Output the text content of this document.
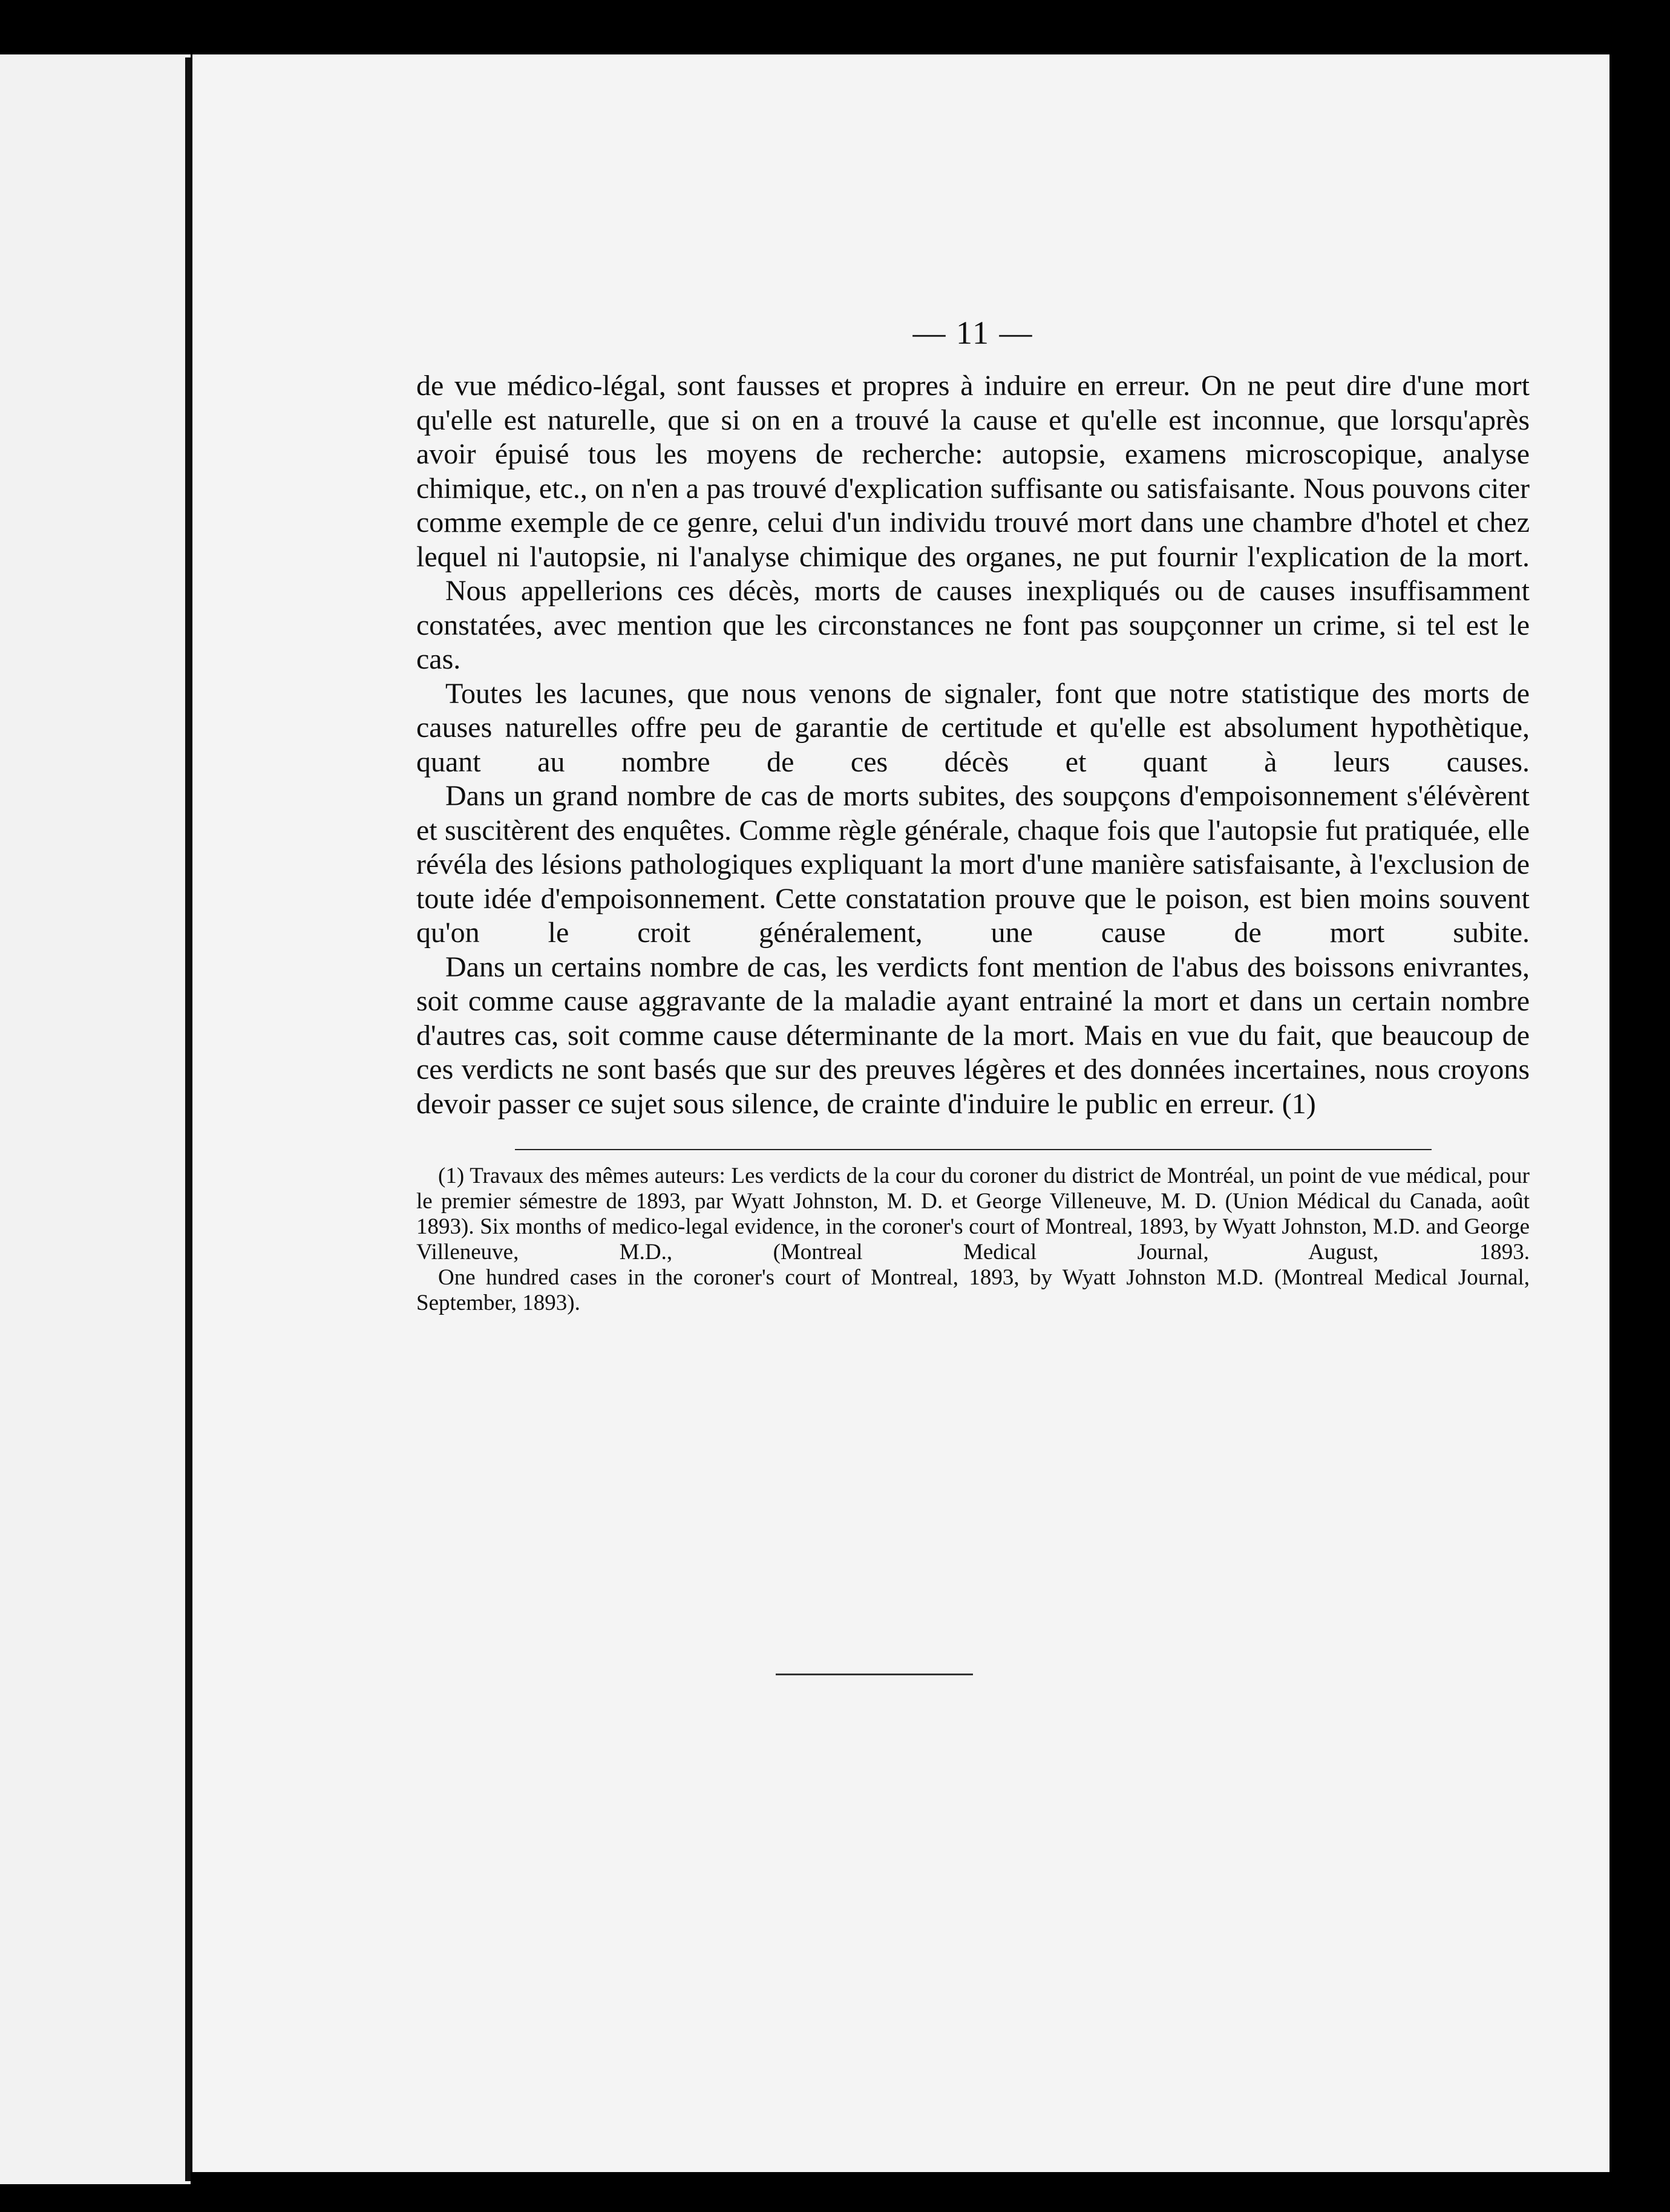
— 11 —

de vue médico-légal, sont fausses et propres à induire en erreur. On ne peut dire d'une mort qu'elle est naturelle, que si on en a trouvé la cause et qu'elle est inconnue, que lorsqu'après avoir épuisé tous les moyens de recherche: autopsie, examens microscopique, analyse chimique, etc., on n'en a pas trouvé d'explication suffisante ou satisfaisante. Nous pouvons citer comme exemple de ce genre, celui d'un individu trouvé mort dans une chambre d'hotel et chez lequel ni l'autopsie, ni l'analyse chimique des organes, ne put fournir l'explication de la mort.

Nous appellerions ces décès, morts de causes inexpliqués ou de causes insuffisamment constatées, avec mention que les circonstances ne font pas soupçonner un crime, si tel est le cas.

Toutes les lacunes, que nous venons de signaler, font que notre statistique des morts de causes naturelles offre peu de garantie de certitude et qu'elle est absolument hypothètique, quant au nombre de ces décès et quant à leurs causes.

Dans un grand nombre de cas de morts subites, des soupçons d'empoisonnement s'élévèrent et suscitèrent des enquêtes. Comme règle générale, chaque fois que l'autopsie fut pratiquée, elle révéla des lésions pathologiques expliquant la mort d'une manière satisfaisante, à l'exclusion de toute idée d'empoisonnement. Cette constatation prouve que le poison, est bien moins souvent qu'on le croit généralement, une cause de mort subite.

Dans un certains nombre de cas, les verdicts font mention de l'abus des boissons enivrantes, soit comme cause aggravante de la maladie ayant entrainé la mort et dans un certain nombre d'autres cas, soit comme cause déterminante de la mort. Mais en vue du fait, que beaucoup de ces verdicts ne sont basés que sur des preuves légères et des données incertaines, nous croyons devoir passer ce sujet sous silence, de crainte d'induire le public en erreur. (1)

(1) Travaux des mêmes auteurs: Les verdicts de la cour du coroner du district de Montréal, un point de vue médical, pour le premier sémestre de 1893, par Wyatt Johnston, M. D. et George Villeneuve, M. D. (Union Médical du Canada, août 1893). Six months of medico-legal evidence, in the coroner's court of Montreal, 1893, by Wyatt Johnston, M.D. and George Villeneuve, M.D., (Montreal Medical Journal, August, 1893.

One hundred cases in the coroner's court of Montreal, 1893, by Wyatt Johnston M.D. (Montreal Medical Journal, September, 1893).
